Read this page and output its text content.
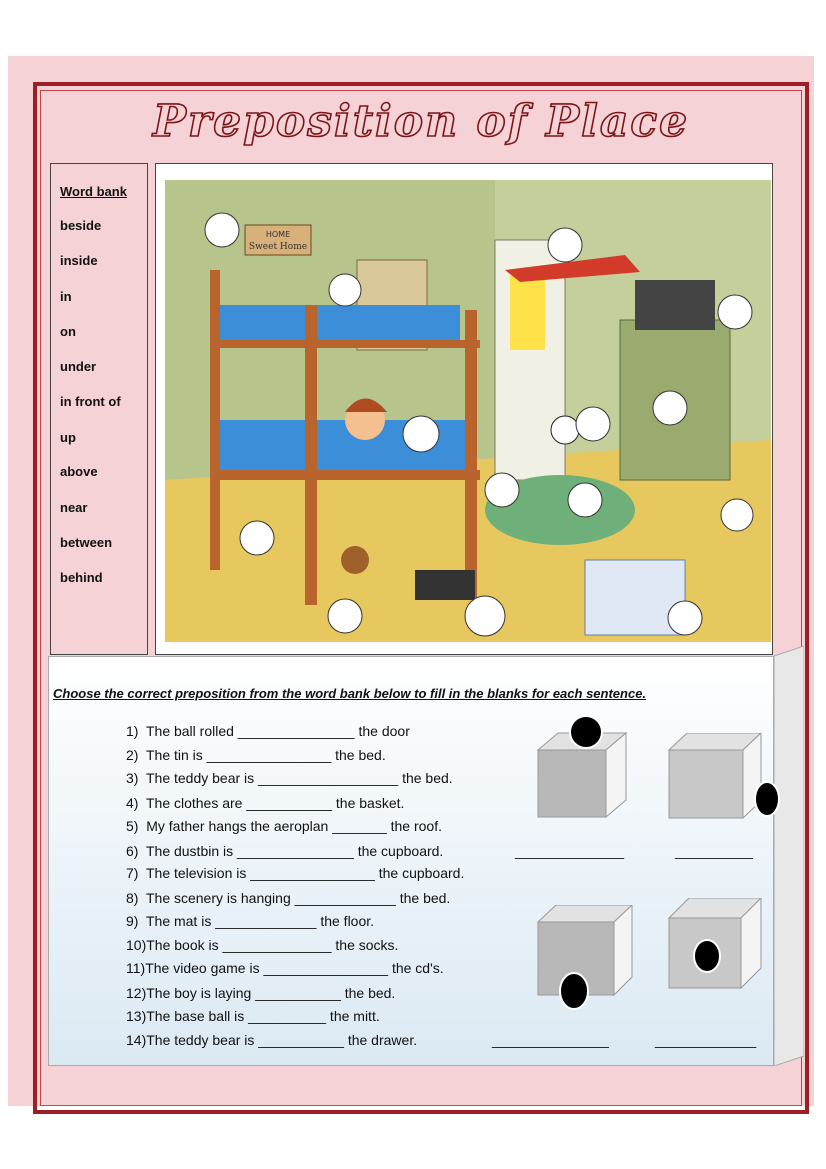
Preposition of Place
Word bank
beside
inside
in
on
under
in front of
up
above
near
between
behind
HOME
Sweet Home
Choose the correct preposition from the word bank below to fill in the blanks for each sentence.
1)  The ball rolled _______________ the door
2)  The tin is ________________ the bed.
3)  The teddy bear is __________________ the bed.
4)  The clothes are ___________ the basket.
5)  My father hangs the aeroplan _______ the roof.
6)  The dustbin is _______________ the cupboard.
7)  The television is ________________ the cupboard.
8)  The scenery is hanging _____________ the bed.
9)  The mat is _____________ the floor.
10)The book is ______________ the socks.
11)The video game is ________________ the cd's.
12)The boy is laying ___________ the bed.
13)The base ball is __________ the mitt.
14)The teddy bear is ___________ the drawer.
______________	__________
_______________	_____________
